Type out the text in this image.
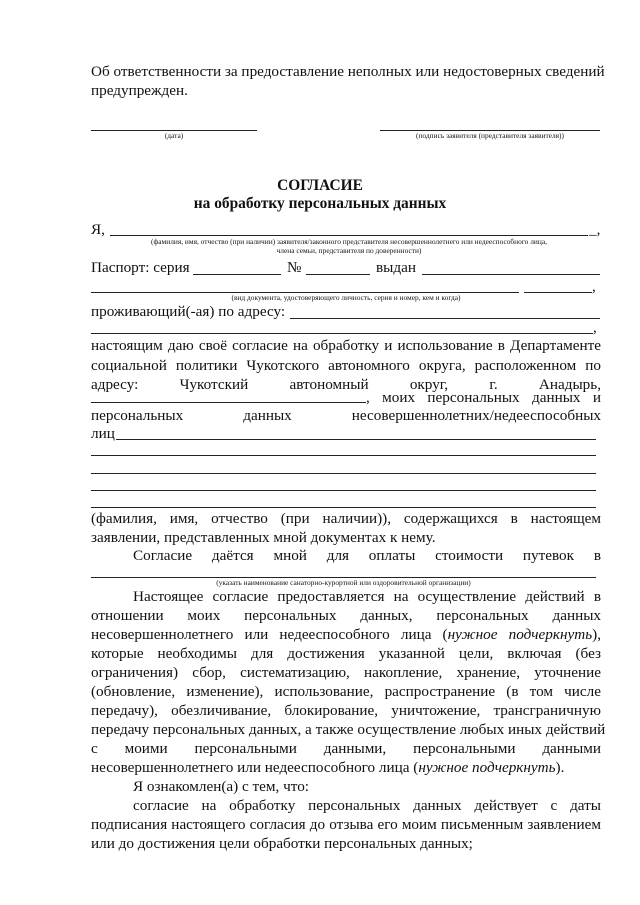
Об ответственности за предоставление неполных или недостоверных сведений
предупрежден.
(дата)	(подпись заявителя (представителя заявителя))
СОГЛАСИЕ
на обработку персональных данных
Я,	_,
(фамилия, имя, отчество (при наличии) заявителя/законного представителя несовершеннолетнего или недееспособного лица,
члена семьи, представителя по доверенности)
Паспорт: серия	№	выдан
,
(вид документа, удостоверяющего личность, серия и номер, кем и когда)
проживающий(-ая) по адресу:
,
настоящим даю своё согласие на обработку и использование в Департаменте
социальной политики Чукотского автономного округа, расположенном по
адресу: Чукотский автономный округ, г. Анадырь,
, моих персональных данных и
персональных данных несовершеннолетних/недееспособных
лиц
(фамилия, имя, отчество (при наличии)), содержащихся в настоящем
заявлении, представленных мной документах к нему.
Согласие даётся мной для оплаты стоимости путевок в
(указать наименование санаторно-курортной или оздоровительной организации)
Настоящее согласие предоставляется на осуществление действий в
отношении моих персональных данных, персональных данных
несовершеннолетнего или недееспособного лица (нужное подчеркнуть),
которые необходимы для достижения указанной цели, включая (без
ограничения) сбор, систематизацию, накопление, хранение, уточнение
(обновление, изменение), использование, распространение (в том числе
передачу), обезличивание, блокирование, уничтожение, трансграничную
передачу персональных данных, а также осуществление любых иных действий
с моими персональными данными, персональными данными
несовершеннолетнего или недееспособного лица (нужное подчеркнуть).
Я ознакомлен(а) с тем, что:
согласие на обработку персональных данных действует с даты
подписания настоящего согласия до отзыва его моим письменным заявлением
или до достижения цели обработки персональных данных;
